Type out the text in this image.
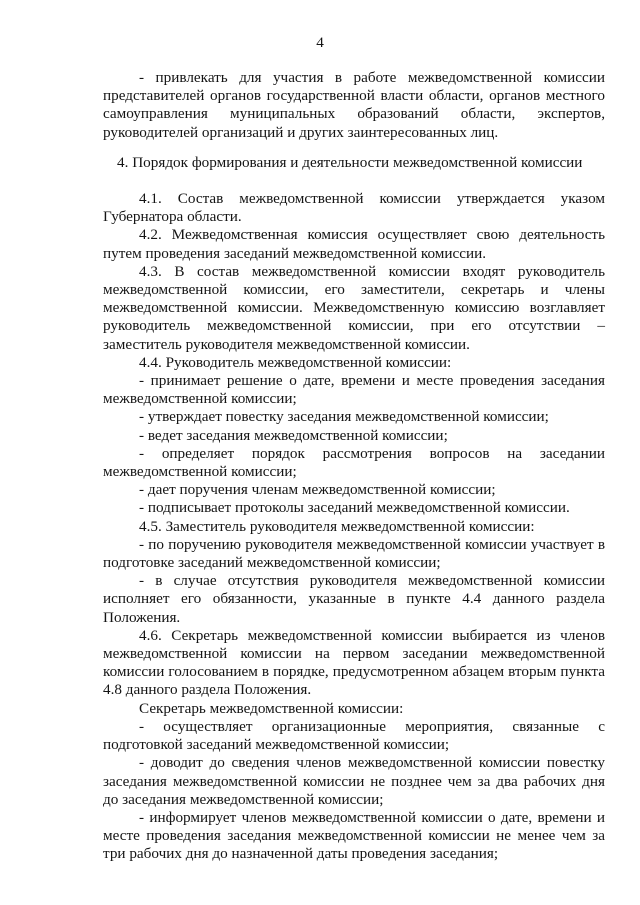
4

- привлекать для участия в работе межведомственной комиссии представителей органов государственной власти области, органов местного самоуправления муниципальных образований области, экспертов, руководителей организаций и других заинтересованных лиц.

4. Порядок формирования и деятельности межведомственной комиссии

4.1. Состав межведомственной комиссии утверждается указом Губернатора области.

4.2. Межведомственная комиссия осуществляет свою деятельность путем проведения заседаний межведомственной комиссии.

4.3. В состав межведомственной комиссии входят руководитель межведомственной комиссии, его заместители, секретарь и члены межведомственной комиссии. Межведомственную комиссию возглавляет руководитель межведомственной комиссии, при его отсутствии – заместитель руководителя межведомственной комиссии.

4.4. Руководитель межведомственной комиссии:

- принимает решение о дате, времени и месте проведения заседания межведомственной комиссии;

- утверждает повестку заседания межведомственной комиссии;

- ведет заседания межведомственной комиссии;

- определяет порядок рассмотрения вопросов на заседании межведомственной комиссии;

- дает поручения членам межведомственной комиссии;

- подписывает протоколы заседаний межведомственной комиссии.

4.5. Заместитель руководителя межведомственной комиссии:

- по поручению руководителя межведомственной комиссии участвует в подготовке заседаний межведомственной комиссии;

- в случае отсутствия руководителя межведомственной комиссии исполняет его обязанности, указанные в пункте 4.4 данного раздела Положения.

4.6. Секретарь межведомственной комиссии выбирается из членов межведомственной комиссии на первом заседании межведомственной комиссии голосованием в порядке, предусмотренном абзацем вторым пункта 4.8 данного раздела Положения.

Секретарь межведомственной комиссии:

- осуществляет организационные мероприятия, связанные с подготовкой заседаний межведомственной комиссии;

- доводит до сведения членов межведомственной комиссии повестку заседания межведомственной комиссии не позднее чем за два рабочих дня до заседания межведомственной комиссии;

- информирует членов межведомственной комиссии о дате, времени и месте проведения заседания межведомственной комиссии не менее чем за три рабочих дня до назначенной даты проведения заседания;
